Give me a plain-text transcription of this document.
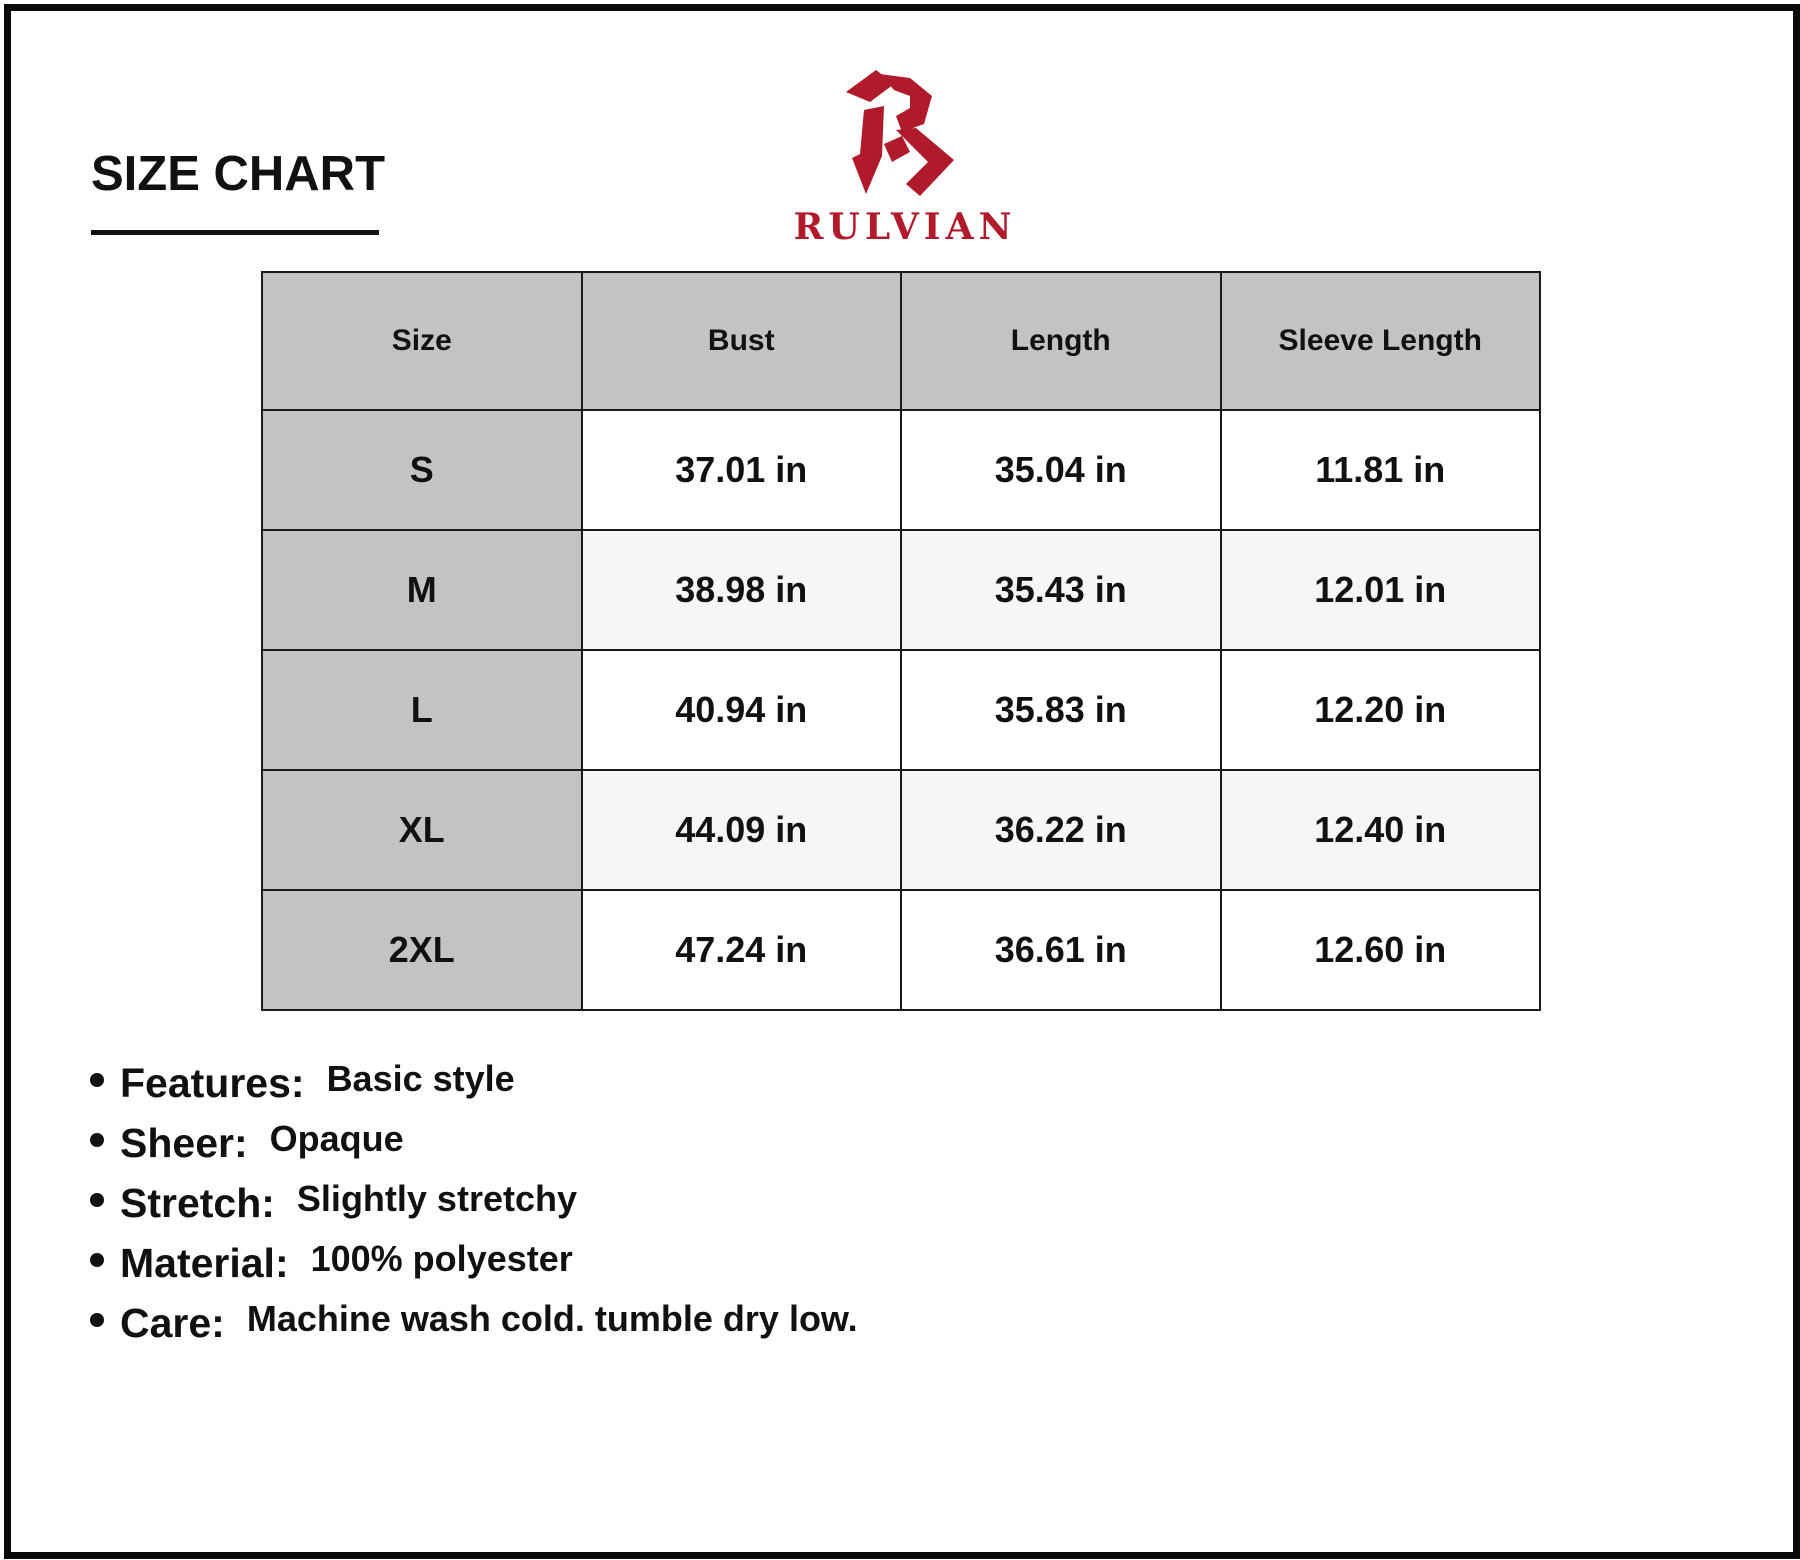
SIZE CHART
RULVIAN
Size	Bust	Length	Sleeve Length
S	37.01 in	35.04 in	11.81 in
M	38.98 in	35.43 in	12.01 in
L	40.94 in	35.83 in	12.20 in
XL	44.09 in	36.22 in	12.40 in
2XL	47.24 in	36.61 in	12.60 in
Features: Basic style
Sheer: Opaque
Stretch: Slightly stretchy
Material: 100% polyester
Care: Machine wash cold. tumble dry low.
